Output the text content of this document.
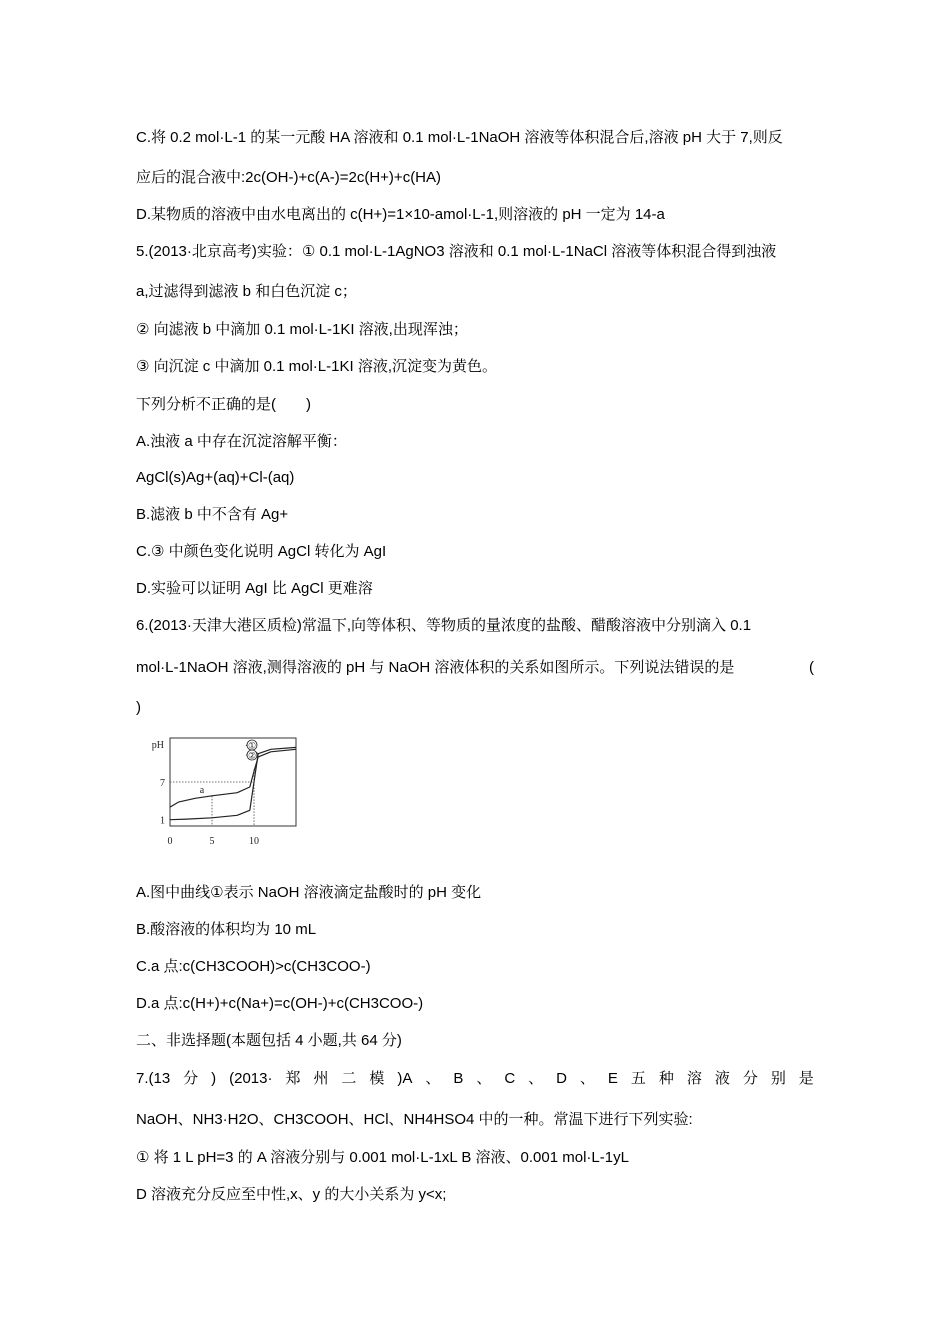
C.将 0.2 mol·L-1 的某一元酸 HA 溶液和 0.1 mol·L-1NaOH 溶液等体积混合后,溶液 pH 大于 7,则反
应后的混合液中:2c(OH-)+c(A-)=2c(H+)+c(HA)
D.某物质的溶液中由水电离出的 c(H+)=1×10-amol·L-1,则溶液的 pH 一定为 14-a
5.(2013·北京高考)实验：① 0.1 mol·L-1AgNO3 溶液和 0.1 mol·L-1NaCl 溶液等体积混合得到浊液
a,过滤得到滤液 b 和白色沉淀 c；
② 向滤液 b 中滴加 0.1 mol·L-1KI 溶液,出现浑浊；
③ 向沉淀 c 中滴加 0.1 mol·L-1KI 溶液,沉淀变为黄色。
下列分析不正确的是(　　)
A.浊液 a 中存在沉淀溶解平衡：
AgCl(s)Ag+(aq)+Cl-(aq)
B.滤液 b 中不含有 Ag+
C.③ 中颜色变化说明 AgCl 转化为 AgI
D.实验可以证明 AgI 比 AgCl 更难溶
6.(2013·天津大港区质检)常温下,向等体积、等物质的量浓度的盐酸、醋酸溶液中分别滴入 0.1
mol·L-1NaOH 溶液,测得溶液的 pH 与 NaOH 溶液体积的关系如图所示。下列说法错误的是	(
)
pH
7
1
0	5	10
①
②
a
A.图中曲线①表示 NaOH 溶液滴定盐酸时的 pH 变化
B.酸溶液的体积均为 10 mL
C.a 点:c(CH3COOH)>c(CH3COO-)
D.a 点:c(H+)+c(Na+)=c(OH-)+c(CH3COO-)
二、非选择题(本题包括 4 小题,共 64 分)
7.(13 分 ) (2013· 郑 州 二 模 )A 、 B 、 C 、 D 、 E 五 种 溶 液 分 别 是
NaOH、NH3·H2O、CH3COOH、HCl、NH4HSO4 中的一种。常温下进行下列实验:
① 将 1 L pH=3 的 A 溶液分别与 0.001 mol·L-1xL B 溶液、0.001 mol·L-1yL
D 溶液充分反应至中性,x、y 的大小关系为 y<x;
